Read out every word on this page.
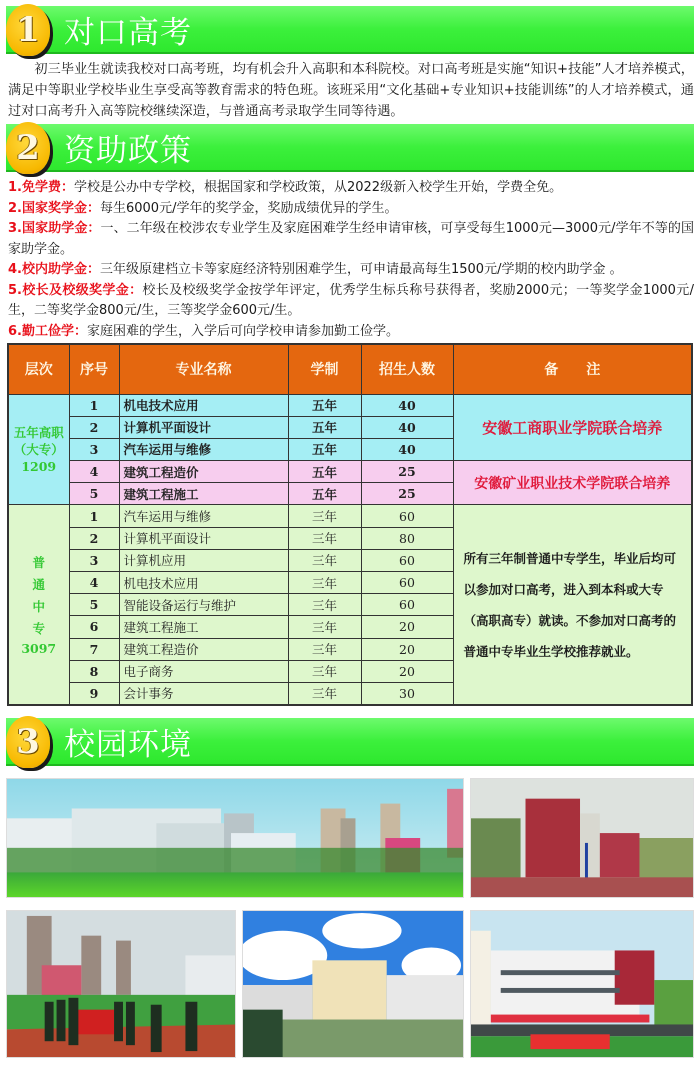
1 对口高考

初三毕业生就读我校对口高考班，均有机会升入高职和本科院校。对口高考班是实施“知识+技能”人才培养模式，满足中等职业学校毕业生享受高等教育需求的特色班。该班采用“文化基础+专业知识+技能训练”的人才培养模式，通过对口高考升入高等院校继续深造，与普通高考录取学生同等待遇。

2 资助政策
1.免学费：学校是公办中专学校，根据国家和学校政策，从2022级新入校学生开始，学费全免。
2.国家奖学金：每生6000元/学年的奖学金，奖励成绩优异的学生。
3.国家助学金：一、二年级在校涉农专业学生及家庭困难学生经申请审核，可享受每生1000元—3000元/学年不等的国家助学金。
4.校内助学金：三年级原建档立卡等家庭经济特别困难学生，可申请最高每生1500元/学期的校内助学金 。
5.校长及校级奖学金：校长及校级奖学金按学年评定，优秀学生标兵称号获得者，奖励2000元；一等奖学金1000元/生，二等奖学金800元/生，三等奖学金600元/生。
6.勤工俭学：家庭困难的学生，入学后可向学校申请参加勤工俭学。
层次	序号	专业名称	学制	招生人数	备　　注

五年高职
（大专）
1209	1	机电技术应用	五年	40	安徽工商职业学院联合培养
	2	计算机平面设计	五年	40	
	3	汽车运用与维修	五年	40	
	4	建筑工程造价	五年	25	安徽矿业职业技术学院联合培养
	5	建筑工程施工	五年	25	

普
通
中
专
3097	1	汽车运用与维修	三年	60	所有三年制普通中专学生，毕业后均可以参加对口高考，进入到本科或大专（高职高专）就读。不参加对口高考的普通中专毕业生学校推荐就业。
	2	计算机平面设计	三年	80	
	3	计算机应用	三年	60	
	4	机电技术应用	三年	60	
	5	智能设备运行与维护	三年	60	
	6	建筑工程施工	三年	20	
	7	建筑工程造价	三年	20	
	8	电子商务	三年	20	
	9	会计事务	三年	30	
3 校园环境
